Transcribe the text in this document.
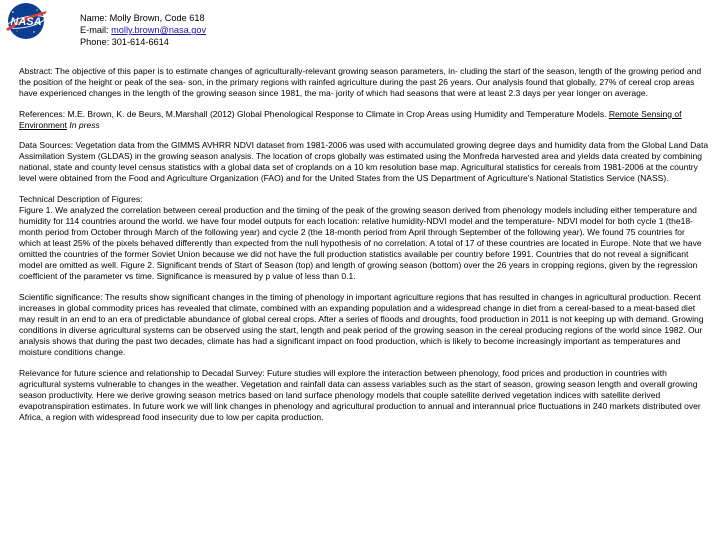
NASA	Name: Molly Brown, Code 618
E-mail: molly.brown@nasa.gov
Phone: 301-614-6614

Abstract: The objective of this paper is to estimate changes of agriculturally-relevant growing season parameters, in- cluding the start of the season, length of the growing period and the position of the height or peak of the sea- son, in the primary regions with rainfed agriculture during the past 26 years. Our analysis found that globally, 27% of cereal crop areas have experienced changes in the length of the growing season since 1981, the ma- jority of which had seasons that were at least 2.3 days per year longer on average.

References: M.E. Brown, K. de Beurs, M.Marshall (2012) Global Phenological Response to Climate in Crop Areas using Humidity and Temperature Models. Remote Sensing of Environment In press

Data Sources: Vegetation data from the GIMMS AVHRR NDVI dataset from 1981-2006 was used with accumulated growing degree days and humidity data from the Global Land Data Assimilation System (GLDAS) in the growing season analysis. The location of crops globally was estimated using the Monfreda harvested area and yields data created by combining national, state and county level census statistics with a global data set of croplands on a 10 km resolution base map. Agricultural statistics for cereals from 1981-2006 at the country level were obtained from the Food and Agriculture Organization (FAO) and for the United States from the US Department of Agriculture's National Statistics Service (NASS).

Technical Description of Figures:
Figure 1. We analyzed the correlation between cereal production and the timing of the peak of the growing season derived from phenology models including either temperature and humidity for 114 countries around the world. we have four model outputs for each location: relative humidity-NDVI model and the temperature- NDVI model for both cycle 1 (the18-month period from October through March of the following year) and cycle 2 (the 18-month period from April through September of the following year). We found 75 countries for which at least 25% of the pixels behaved differently than expected from the null hypothesis of no correlation. A total of 17 of these countries are located in Europe. Note that we have omitted the countries of the former Soviet Union because we did not have the full production statistics available per country before 1991. Countries that do not reveal a significant model are omitted as well. Figure 2. Significant trends of Start of Season (top) and length of growing season (bottom) over the 26 years in cropping regions, given by the regression coefficient of the parameter vs time. Significance is measured by p value of less than 0.1.

Scientific significance: The results show significant changes in the timing of phenology in important agriculture regions that has resulted in changes in agricultural production. Recent increases in global commodity prices has revealed that climate, combined with an expanding population and a widespread change in diet from a cereal-based to a meat-based diet may result in an end to an era of predictable abundance of global cereal crops. After a series of floods and droughts, food production in 2011 is not keeping up with demand. Growing conditions in diverse agricultural systems can be observed using the start, length and peak period of the growing season in the cereal producing regions of the world since 1982. Our analysis shows that during the past two decades, climate has had a significant impact on food production, which is likely to become increasingly important as temperatures and moisture conditions change.

Relevance for future science and relationship to Decadal Survey: Future studies will explore the interaction between phenology, food prices and production in countries with agricultural systems vulnerable to changes in the weather. Vegetation and rainfall data can assess variables such as the start of season, growing season length and overall growing season productivity. Here we derive growing season metrics based on land surface phenology models that couple satellite derived vegetation indices with satellite derived evapotranspiration estimates. In future work we will link changes in phenology and agricultural production to annual and interannual price fluctuations in 240 markets distributed over Africa, a region with widespread food insecurity due to low per capita production.
